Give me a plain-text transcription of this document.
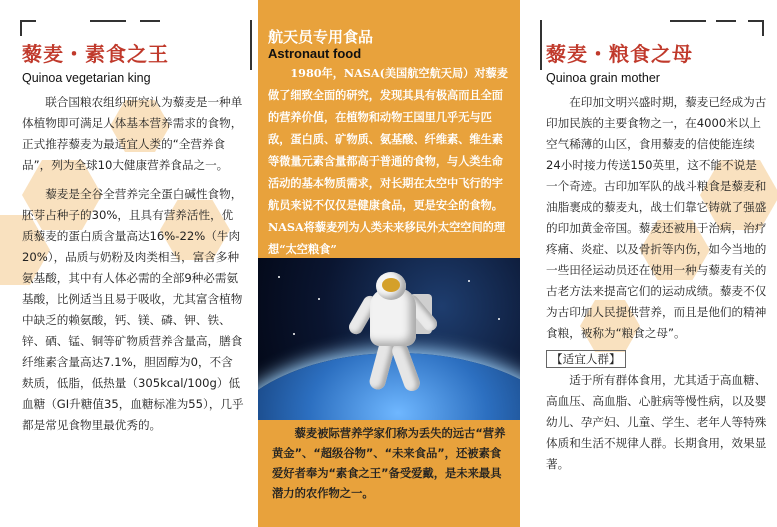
藜麦・素食之王
Quinoa vegetarian king

联合国粮农组织研究认为藜麦是一种单体植物即可满足人体基本营养需求的食物，正式推荐藜麦为最适宜人类的“全营养食品”，列为全球10大健康营养食品之一。

藜麦是全谷全营养完全蛋白碱性食物，胚芽占种子的30%，且具有营养活性，优质藜麦的蛋白质含量高达16%-22%（牛肉20%），品质与奶粉及肉类相当，富含多种氨基酸，其中有人体必需的全部9种必需氨基酸，比例适当且易于吸收，尤其富含植物中缺乏的赖氨酸，钙、镁、磷、钾、铁、锌、硒、锰、铜等矿物质营养含量高，膳食纤维素含量高达7.1%，胆固醇为0，不含麸质，低脂，低热量（305kcal/100g）低血糖（GI升糖值35，血糖标准为55），几乎都是常见食物里最优秀的。

航天员专用食品
Astronaut food

1980年，NASA(美国航空航天局）对藜麦做了细致全面的研究，发现其具有极高而且全面的营养价值，在植物和动物王国里几乎无与匹敌，蛋白质、矿物质、氨基酸、纤维素、维生素等微量元素含量都高于普通的食物，与人类生命活动的基本物质需求，对长期在太空中飞行的宇航员来说不仅仅是健康食品，更是安全的食物。NASA将藜麦列为人类未来移民外太空空间的理想“太空粮食”

藜麦被际营养学家们称为丢失的远古“营养黄金”、“超级谷物”、“未来食品”，还被素食爱好者奉为“素食之王”备受爱戴，是未来最具潜力的农作物之一。

藜麦・粮食之母
Quinoa grain mother

在印加文明兴盛时期，藜麦已经成为古印加民族的主要食物之一，在4000米以上空气稀薄的山区，食用藜麦的信使能连续24小时接力传送150英里，这不能不说是一个奇迹。古印加军队的战斗粮食是藜麦和油脂裹成的藜麦丸，战士们靠它铸就了强盛的印加黄金帝国。藜麦还被用于治病，治疗疼痛、炎症、以及骨折等内伤，如今当地的一些田径运动员还在使用一种与藜麦有关的古老方法来提高它们的运动成绩。藜麦不仅为古印加人民提供营养，而且是他们的精神食粮，被称为“粮食之母”。

【适宜人群】

适于所有群体食用，尤其适于高血糖、高血压、高血脂、心脏病等慢性病，以及婴幼儿、孕产妇、儿童、学生、老年人等特殊体质和生活不规律人群。长期食用，效果显著。
